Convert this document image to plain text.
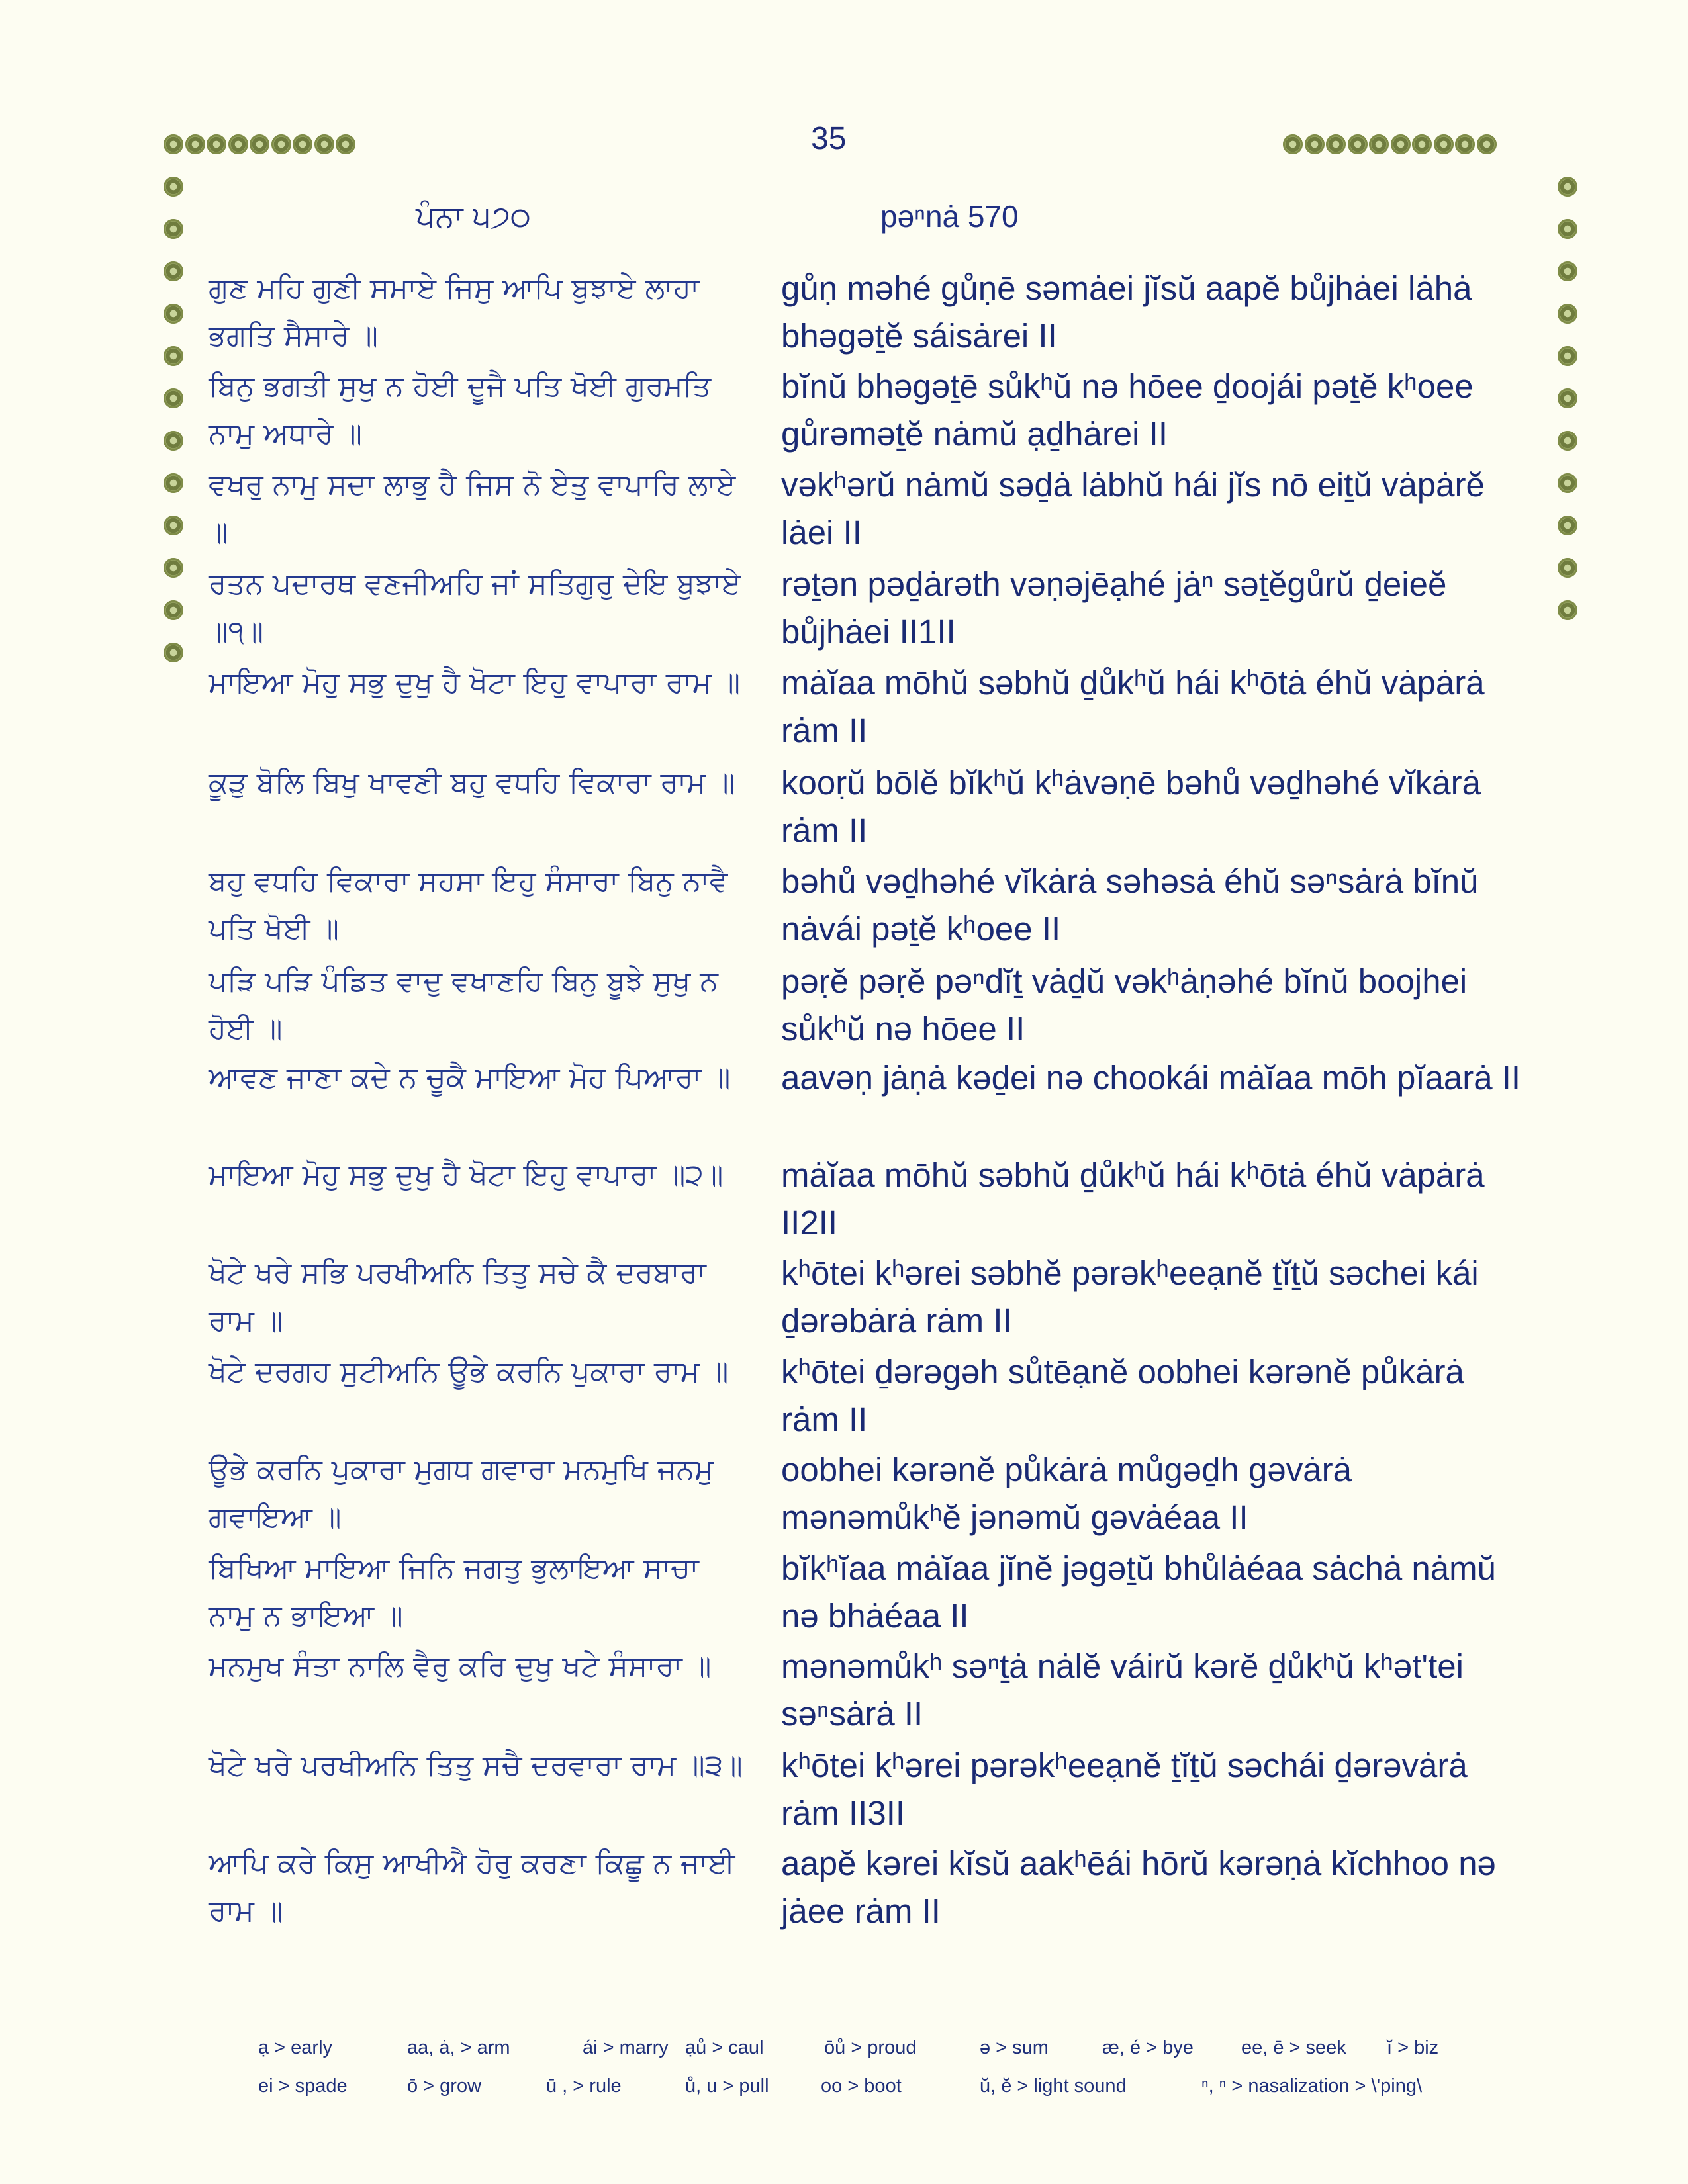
35
ਪੰਨਾ ੫੭੦	pəⁿnȧ 570
ਗੁਣ ਮਹਿ ਗੁਣੀ ਸਮਾਏ ਜਿਸੁ ਆਪਿ ਬੁਝਾਏ ਲਾਹਾ ਭਗਤਿ ਸੈਸਾਰੇ ॥
gůṇ məhé gůṇē səmȧei jĭsŭ aapĕ bůjhȧei lȧhȧ bhəgəṯĕ sáisȧrei II
ਬਿਨੁ ਭਗਤੀ ਸੁਖੁ ਨ ਹੋਈ ਦੂਜੈ ਪਤਿ ਖੋਈ ਗੁਰਮਤਿ ਨਾਮੁ ਅਧਾਰੇ ॥
bĭnŭ bhəgəṯē sůkʰŭ nə hōee ḏoojái pəṯĕ kʰoee gůrəməṯĕ nȧmŭ ạḏhȧrei II
ਵਖਰੁ ਨਾਮੁ ਸਦਾ ਲਾਭੁ ਹੈ ਜਿਸ ਨੋ ਏਤੁ ਵਾਪਾਰਿ ਲਾਏ ॥
vəkʰərŭ nȧmŭ səḏȧ lȧbhŭ hái jĭs nō eiṯŭ vȧpȧrĕ lȧei II
ਰਤਨ ਪਦਾਰਥ ਵਣਜੀਅਹਿ ਜਾਂ ਸਤਿਗੁਰੁ ਦੇਇ ਬੁਝਾਏ ॥੧॥
rəṯən pəḏȧrəth vəṇəjēạhé jȧⁿ səṯĕgůrŭ ḏeieĕ bůjhȧei II1II
ਮਾਇਆ ਮੋਹੁ ਸਭੁ ਦੁਖੁ ਹੈ ਖੋਟਾ ਇਹੁ ਵਾਪਾਰਾ ਰਾਮ ॥	mȧĭaa mōhŭ səbhŭ ḏůkʰŭ hái kʰōtȧ éhŭ vȧpȧrȧ rȧm II
ਕੂੜੁ ਬੋਲਿ ਬਿਖੁ ਖਾਵਣੀ ਬਹੁ ਵਧਹਿ ਵਿਕਾਰਾ ਰਾਮ ॥	kooṛŭ bōlĕ bĭkʰŭ kʰȧvəṇē bəhů vəḏhəhé vĭkȧrȧ rȧm II
ਬਹੁ ਵਧਹਿ ਵਿਕਾਰਾ ਸਹਸਾ ਇਹੁ ਸੰਸਾਰਾ ਬਿਨੁ ਨਾਵੈ ਪਤਿ ਖੋਈ ॥
bəhů vəḏhəhé vĭkȧrȧ səhəsȧ éhŭ səⁿsȧrȧ bĭnŭ nȧvái pəṯĕ kʰoee II
ਪੜਿ ਪੜਿ ਪੰਡਿਤ ਵਾਦੁ ਵਖਾਣਹਿ ਬਿਨੁ ਬੂਝੇ ਸੁਖੁ ਨ ਹੋਈ ॥
pəṛĕ pəṛĕ pəⁿdĭṯ vȧḏŭ vəkʰȧṇəhé bĭnŭ boojhei sůkʰŭ nə hōee II
ਆਵਣ ਜਾਣਾ ਕਦੇ ਨ ਚੂਕੈ ਮਾਇਆ ਮੋਹ ਪਿਆਰਾ ॥	aavəṇ jȧṇȧ kəḏei nə chookái mȧĭaa mōh pĭaarȧ II
ਮਾਇਆ ਮੋਹੁ ਸਭੁ ਦੁਖੁ ਹੈ ਖੋਟਾ ਇਹੁ ਵਾਪਾਰਾ ॥੨॥	mȧĭaa mōhŭ səbhŭ ḏůkʰŭ hái kʰōtȧ éhŭ vȧpȧrȧ II2II
ਖੋਟੇ ਖਰੇ ਸਭਿ ਪਰਖੀਅਨਿ ਤਿਤੁ ਸਚੇ ਕੈ ਦਰਬਾਰਾ ਰਾਮ ॥
kʰōtei kʰərei səbhĕ pərəkʰeeạnĕ ṯĭṯŭ səchei kái ḏərəbȧrȧ rȧm II
ਖੋਟੇ ਦਰਗਹ ਸੁਟੀਅਨਿ ਊਭੇ ਕਰਨਿ ਪੁਕਾਰਾ ਰਾਮ ॥	kʰōtei ḏərəgəh sůtēạnĕ oobhei kərənĕ půkȧrȧ rȧm II
ਊਭੇ ਕਰਨਿ ਪੁਕਾਰਾ ਮੁਗਧ ਗਵਾਰਾ ਮਨਮੁਖਿ ਜਨਮੁ ਗਵਾਇਆ ॥
oobhei kərənĕ půkȧrȧ můgəḏh gəvȧrȧ mənəmůkʰĕ jənəmŭ gəvȧéaa II
ਬਿਖਿਆ ਮਾਇਆ ਜਿਨਿ ਜਗਤੁ ਭੁਲਾਇਆ ਸਾਚਾ ਨਾਮੁ ਨ ਭਾਇਆ ॥
bĭkʰĭaa mȧĭaa jĭnĕ jəgəṯŭ bhůlȧéaa sȧchȧ nȧmŭ nə bhȧéaa II
ਮਨਮੁਖ ਸੰਤਾ ਨਾਲਿ ਵੈਰੁ ਕਰਿ ਦੁਖੁ ਖਟੇ ਸੰਸਾਰਾ ॥	mənəmůkʰ səⁿṯȧ nȧlĕ váirŭ kərĕ ḏůkʰŭ kʰət'tei səⁿsȧrȧ II
ਖੋਟੇ ਖਰੇ ਪਰਖੀਅਨਿ ਤਿਤੁ ਸਚੈ ਦਰਵਾਰਾ ਰਾਮ ॥੩॥ kʰōtei kʰərei pərəkʰeeạnĕ ṯĭṯŭ səchái ḏərəvȧrȧ rȧm II3II
ਆਪਿ ਕਰੇ ਕਿਸੁ ਆਖੀਐ ਹੋਰੁ ਕਰਣਾ ਕਿਛੂ ਨ ਜਾਈ ਰਾਮ ॥
aapĕ kərei kĭsŭ aakʰēái hōrŭ kərəṇȧ kĭchhoo nə jȧee rȧm II
ạ > early	aa, ȧ, > arm	ái > marry ạů > caul	ōů > proud	ə > sum	æ, é > bye ee, ē > seek ĭ > biz
ei > spade	ō > grow	ū , > rule	ů, u > pull	oo > boot	ŭ, ĕ > light sound	ⁿ, ⁿ > nasalization > \'ping\
